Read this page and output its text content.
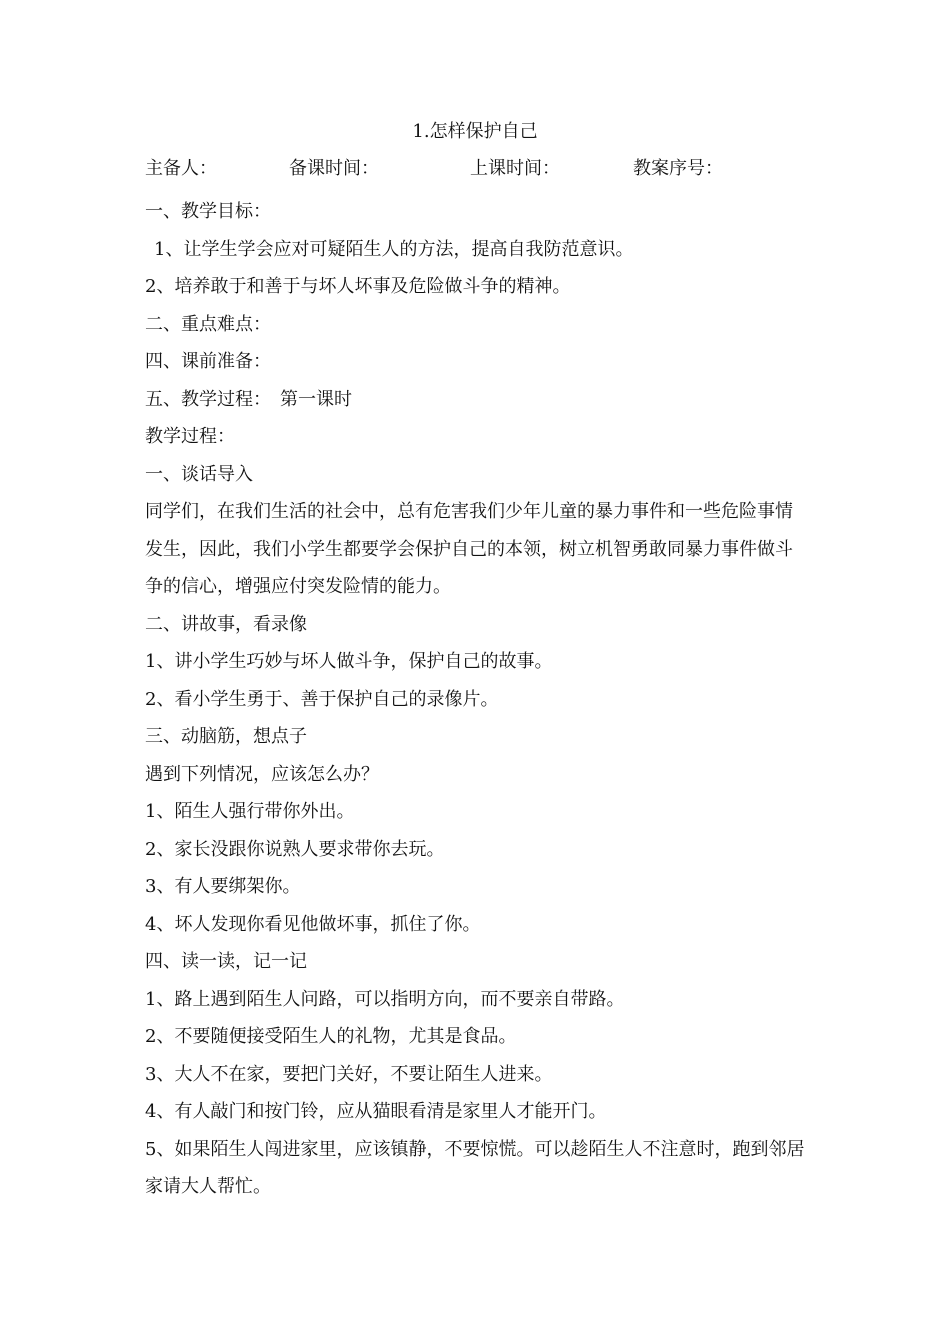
1.怎样保护自己
主备人：	备课时间：	上课时间：	教案序号：

一、教学目标：

1、让学生学会应对可疑陌生人的方法，提高自我防范意识。

2、培养敢于和善于与坏人坏事及危险做斗争的精神。

二、重点难点：

四、课前准备：

五、教学过程：　第一课时

教学过程：

一、谈话导入

同学们，在我们生活的社会中，总有危害我们少年儿童的暴力事件和一些危险事情发生，因此，我们小学生都要学会保护自己的本领，树立机智勇敢同暴力事件做斗争的信心，增强应付突发险情的能力。

二、讲故事，看录像

1、讲小学生巧妙与坏人做斗争，保护自己的故事。

2、看小学生勇于、善于保护自己的录像片。

三、动脑筋，想点子

遇到下列情况，应该怎么办？

1、陌生人强行带你外出。

2、家长没跟你说熟人要求带你去玩。

3、有人要绑架你。

4、坏人发现你看见他做坏事，抓住了你。

四、读一读，记一记

1、路上遇到陌生人问路，可以指明方向，而不要亲自带路。

2、不要随便接受陌生人的礼物，尤其是食品。

3、大人不在家，要把门关好，不要让陌生人进来。

4、有人敲门和按门铃，应从猫眼看清是家里人才能开门。

5、如果陌生人闯进家里，应该镇静，不要惊慌。可以趁陌生人不注意时，跑到邻居家请大人帮忙。
